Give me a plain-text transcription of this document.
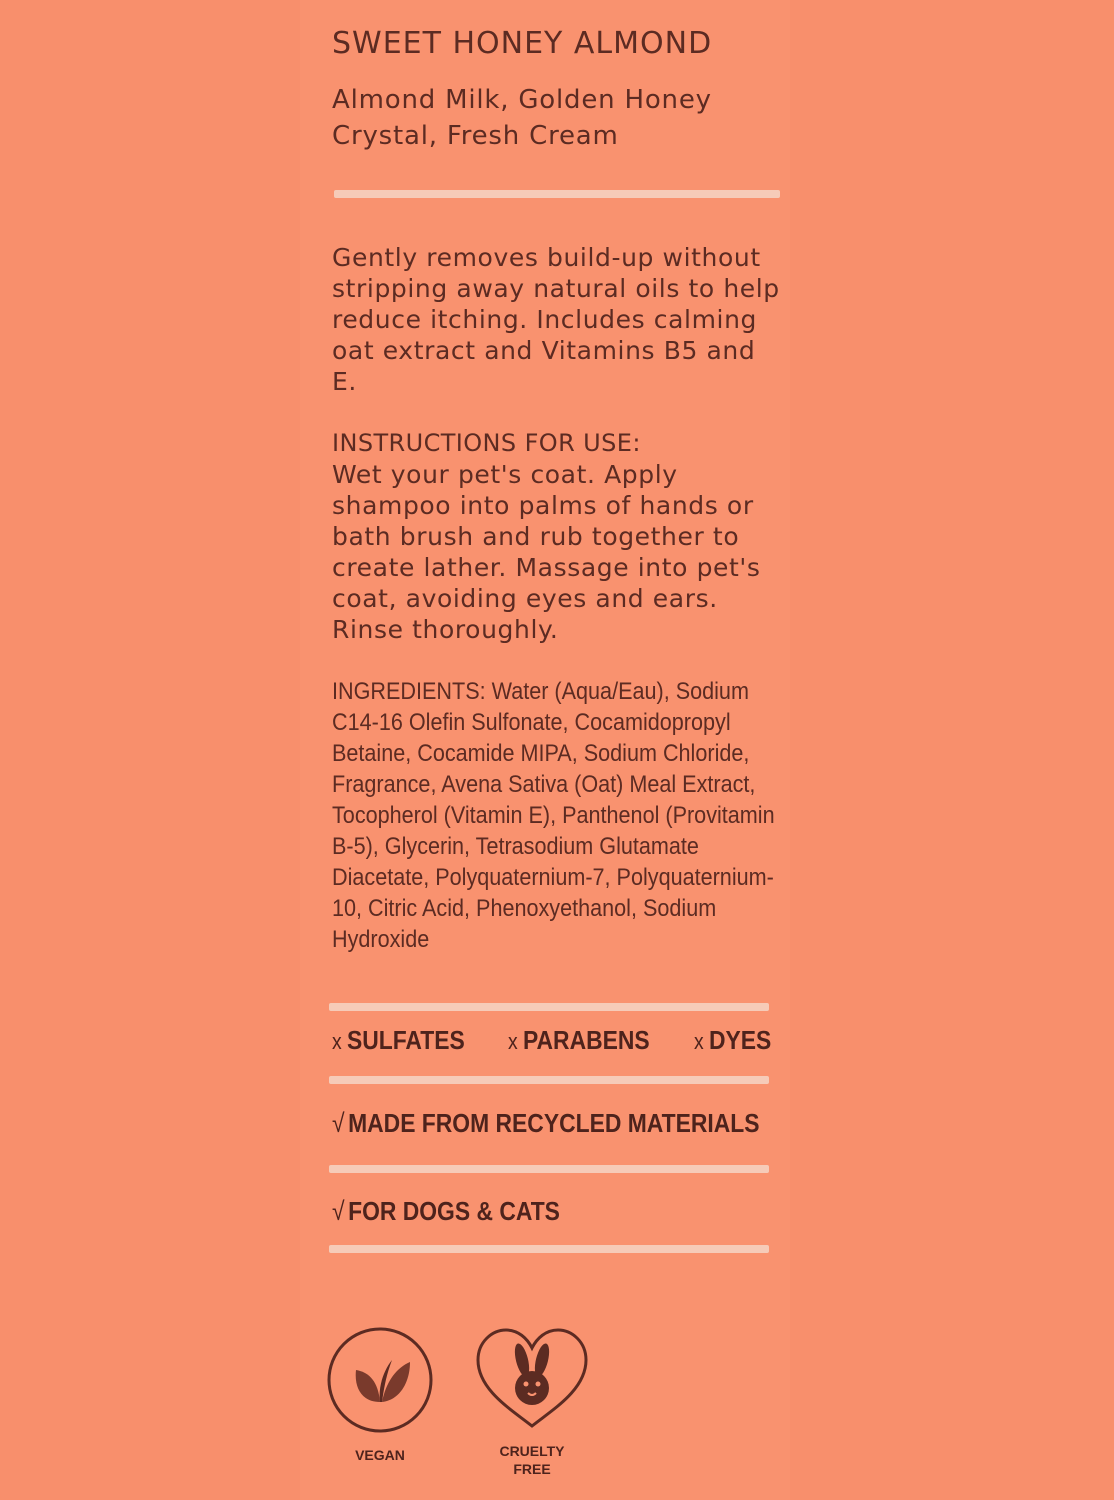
SWEET HONEY ALMOND
Almond Milk, Golden Honey Crystal, Fresh Cream
Gently removes build-up without stripping away natural oils to help reduce itching. Includes calming oat extract and Vitamins B5 and E.
INSTRUCTIONS FOR USE:
Wet your pet's coat. Apply shampoo into palms of hands or bath brush and rub together to create lather. Massage into pet's coat, avoiding eyes and ears. Rinse thoroughly.
INGREDIENTS: Water (Aqua/Eau), Sodium C14-16 Olefin Sulfonate, Cocamidopropyl Betaine, Cocamide MIPA, Sodium Chloride, Fragrance, Avena Sativa (Oat) Meal Extract, Tocopherol (Vitamin E), Panthenol (Provitamin B-5), Glycerin, Tetrasodium Glutamate Diacetate, Polyquaternium-7, Polyquaternium-10, Citric Acid, Phenoxyethanol, Sodium Hydroxide
x SULFATES x PARABENS x DYES
√ MADE FROM RECYCLED MATERIALS
√ FOR DOGS & CATS
VEGAN	CRUELTY FREE
